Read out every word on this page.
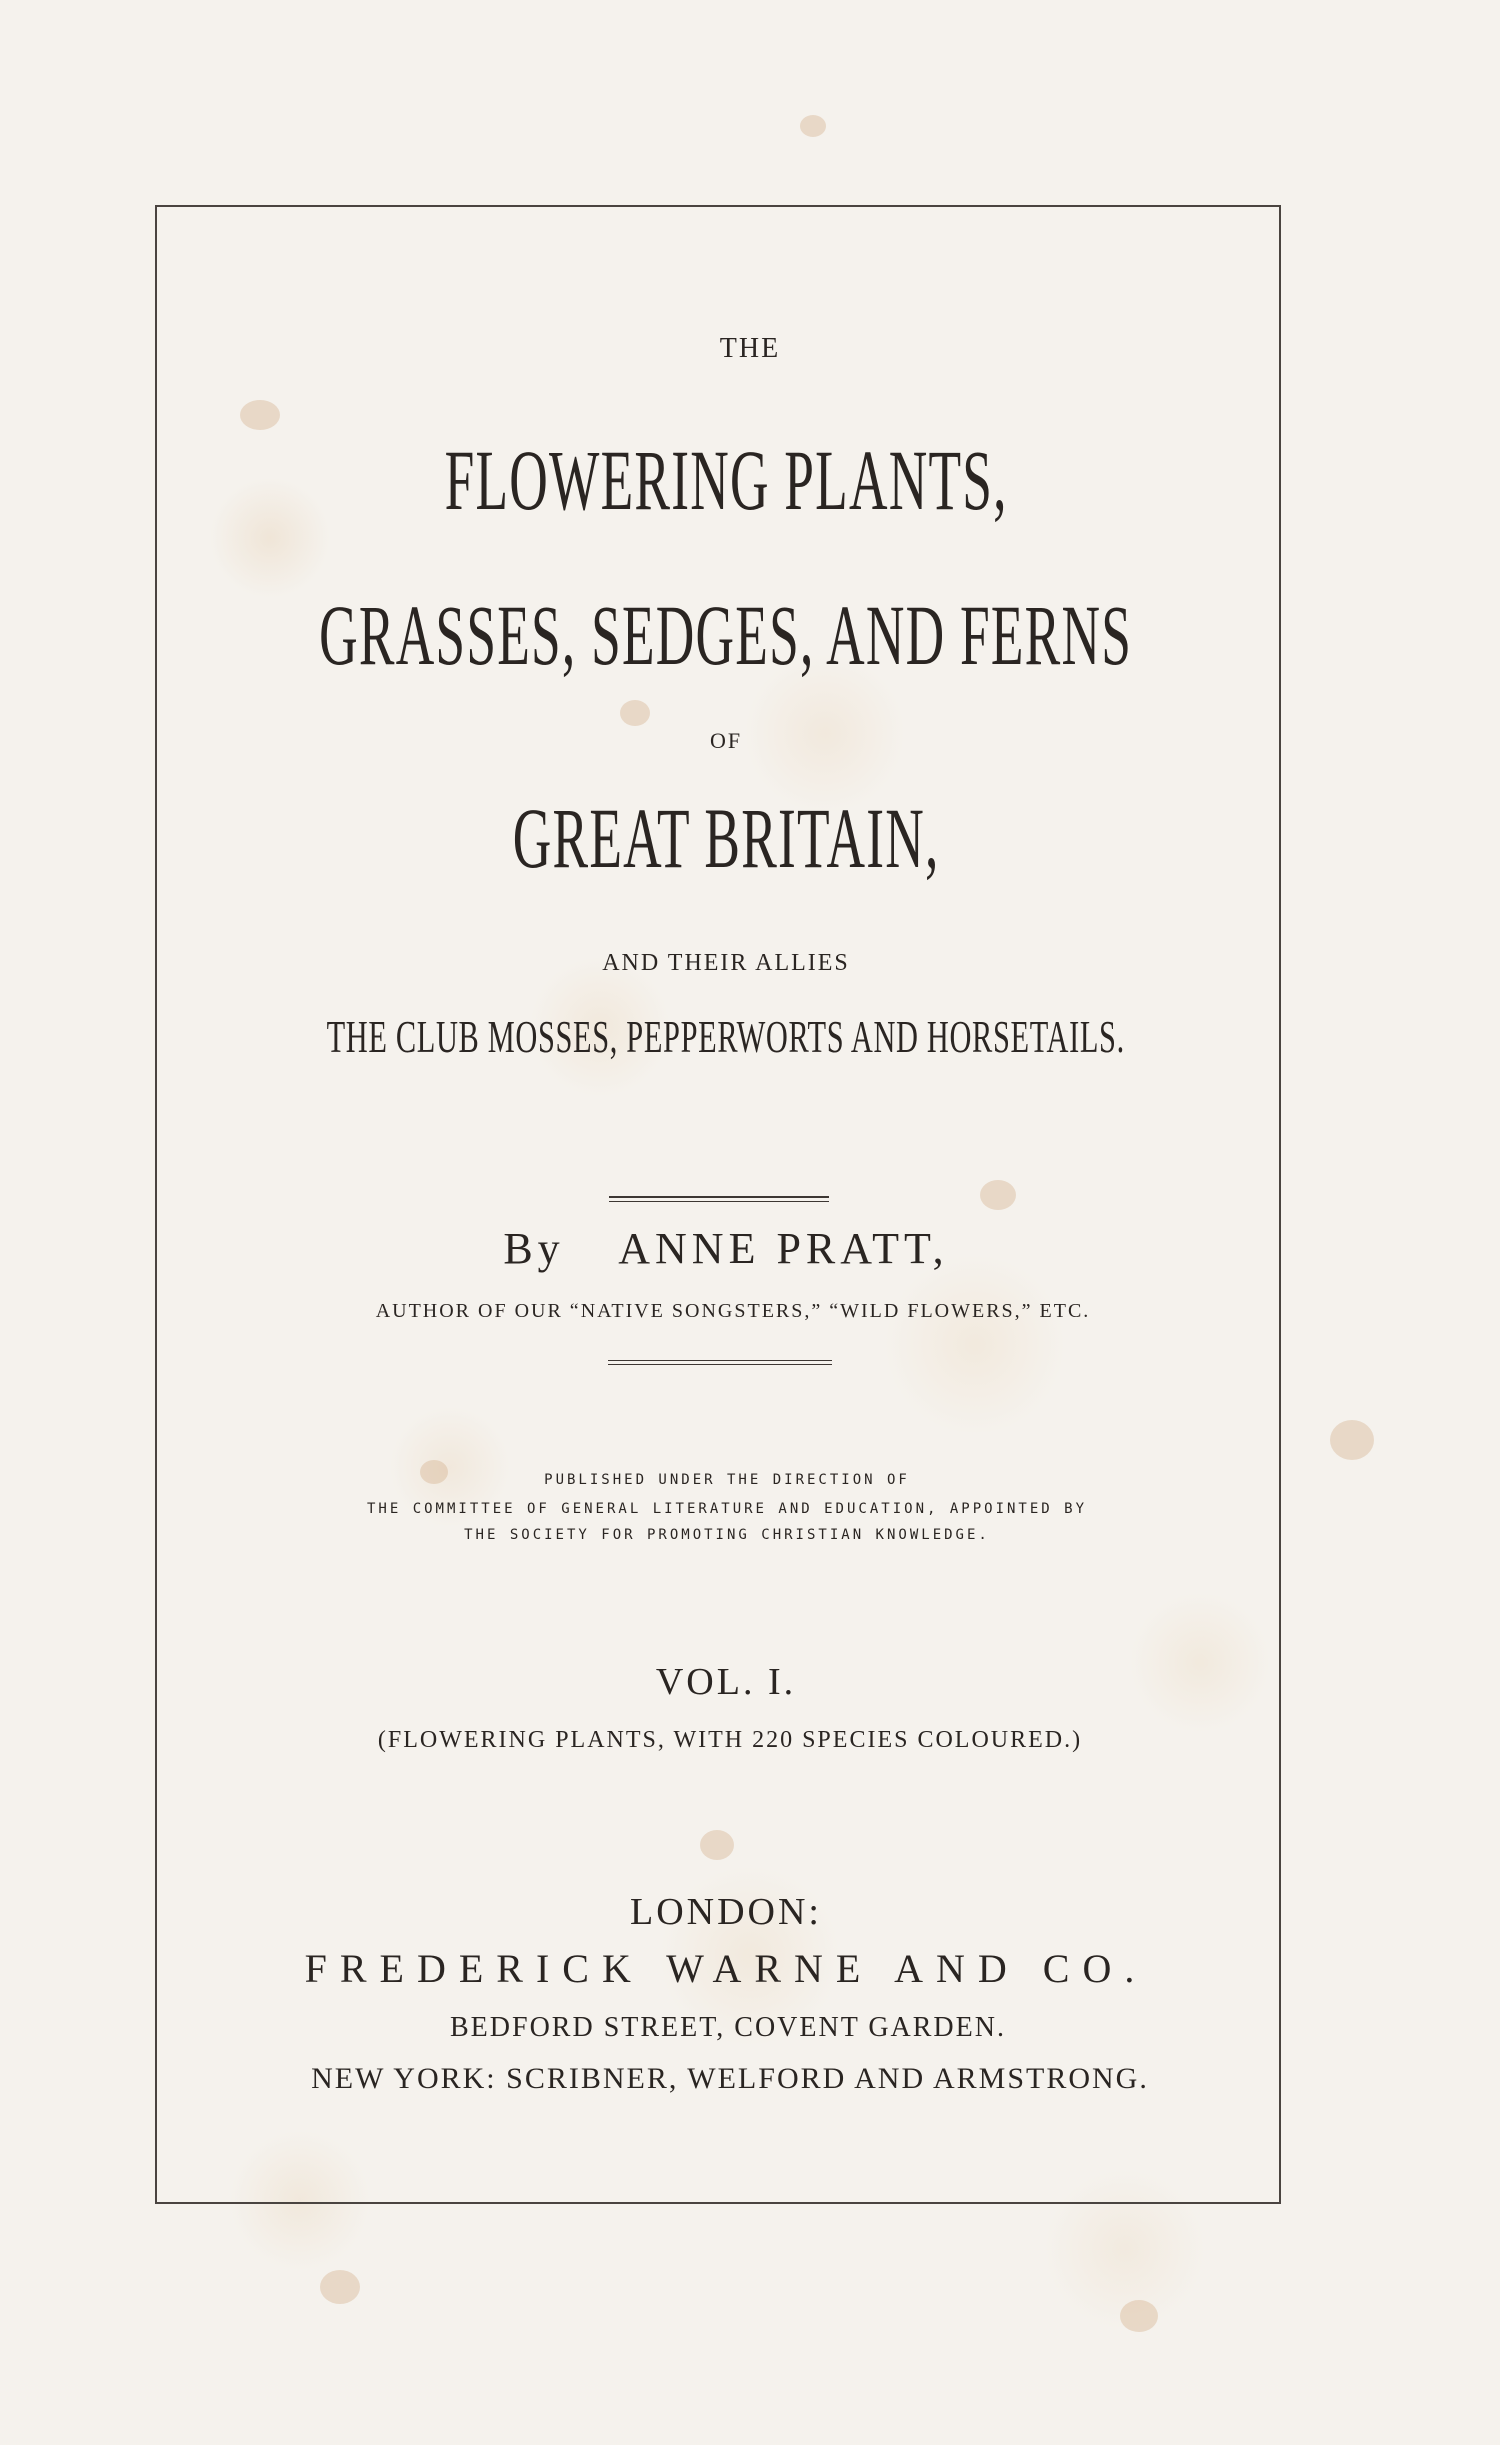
THE
FLOWERING PLANTS,
GRASSES, SEDGES, AND FERNS
OF
GREAT BRITAIN,
AND THEIR ALLIES
THE CLUB MOSSES, PEPPERWORTS AND HORSETAILS.
By ANNE PRATT,
AUTHOR OF OUR “NATIVE SONGSTERS,” “WILD FLOWERS,” ETC.
PUBLISHED UNDER THE DIRECTION OF
THE COMMITTEE OF GENERAL LITERATURE AND EDUCATION, APPOINTED BY
THE SOCIETY FOR PROMOTING CHRISTIAN KNOWLEDGE.
VOL. I.
(FLOWERING PLANTS, WITH 220 SPECIES COLOURED.)
LONDON:
FREDERICK WARNE AND CO.
BEDFORD STREET, COVENT GARDEN.
NEW YORK: SCRIBNER, WELFORD AND ARMSTRONG.
